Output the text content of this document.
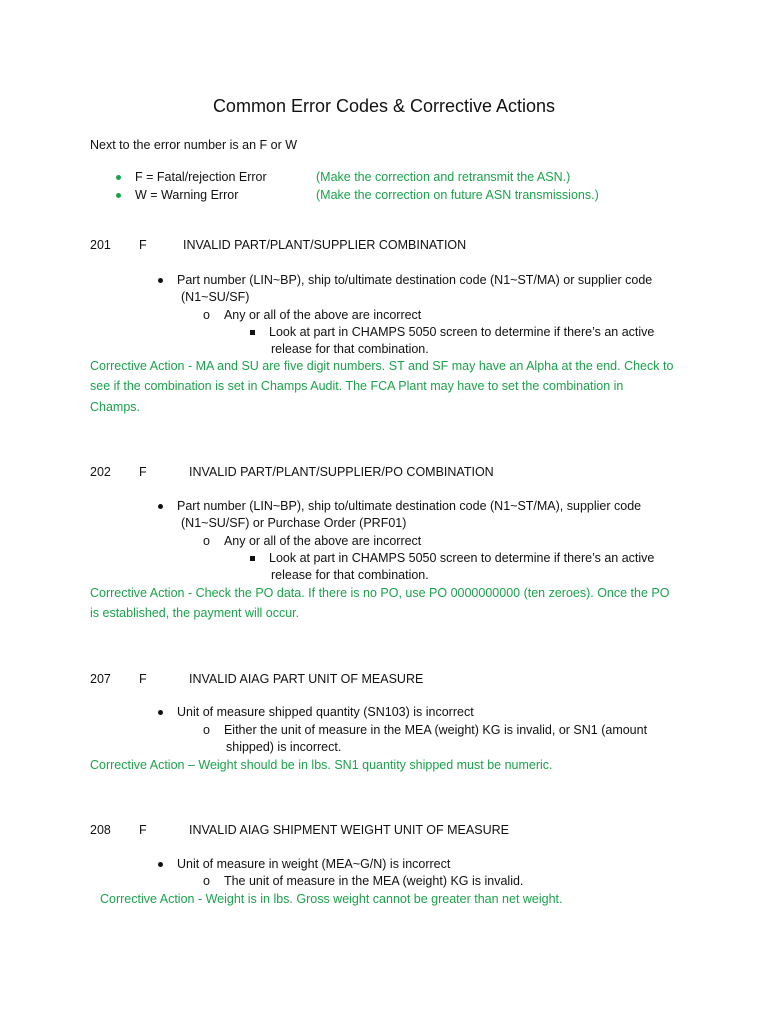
Common Error Codes & Corrective Actions
Next to the error number is an F or W
F = Fatal/rejection Error	(Make the correction and retransmit the ASN.)
W = Warning Error	(Make the correction on future ASN transmissions.)
201 F	INVALID PART/PLANT/SUPPLIER COMBINATION
Part number (LIN~BP), ship to/ultimate destination code (N1~ST/MA) or supplier code
(N1~SU/SF)
o Any or all of the above are incorrect
Look at part in CHAMPS 5050 screen to determine if there’s an active
release for that combination.
Corrective Action - MA and SU are five digit numbers. ST and SF may have an Alpha at the end. Check to
see if the combination is set in Champs Audit. The FCA Plant may have to set the combination in
Champs.
202 F	INVALID PART/PLANT/SUPPLIER/PO COMBINATION
Part number (LIN~BP), ship to/ultimate destination code (N1~ST/MA), supplier code
(N1~SU/SF) or Purchase Order (PRF01)
o Any or all of the above are incorrect
Look at part in CHAMPS 5050 screen to determine if there’s an active
release for that combination.
Corrective Action - Check the PO data. If there is no PO, use PO 0000000000 (ten zeroes). Once the PO
is established, the payment will occur.
207 F	INVALID AIAG PART UNIT OF MEASURE
Unit of measure shipped quantity (SN103) is incorrect
o Either the unit of measure in the MEA (weight) KG is invalid, or SN1 (amount
shipped) is incorrect.
Corrective Action – Weight should be in lbs. SN1 quantity shipped must be numeric.
208 F	INVALID AIAG SHIPMENT WEIGHT UNIT OF MEASURE
Unit of measure in weight (MEA~G/N) is incorrect
o The unit of measure in the MEA (weight) KG is invalid.
Corrective Action - Weight is in lbs. Gross weight cannot be greater than net weight.
